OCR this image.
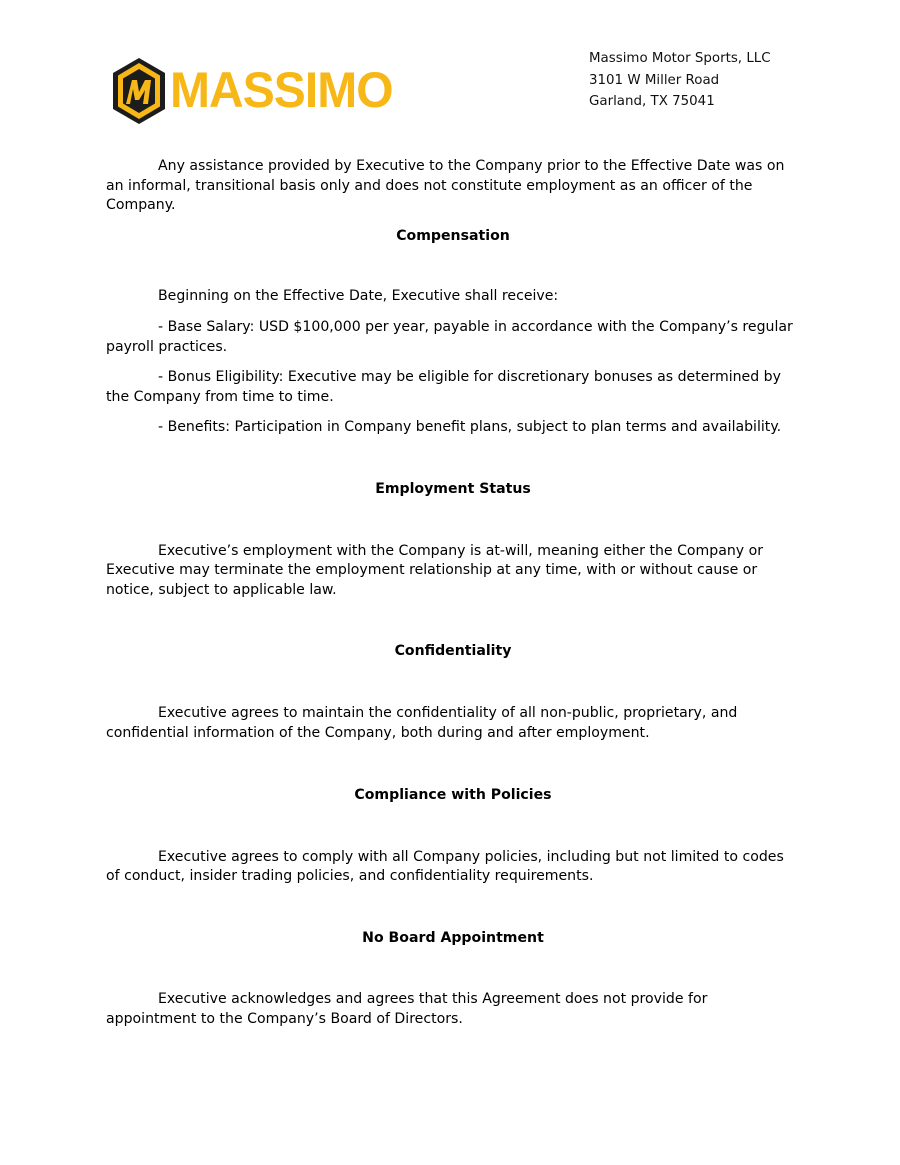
MASSIMO
Massimo Motor Sports, LLC
3101 W Miller Road
Garland, TX 75041

Any assistance provided by Executive to the Company prior to the Effective Date was on an informal, transitional basis only and does not constitute employment as an officer of the Company.

Compensation

Beginning on the Effective Date, Executive shall receive:

- Base Salary: USD $100,000 per year, payable in accordance with the Company’s regular payroll practices.

- Bonus Eligibility: Executive may be eligible for discretionary bonuses as determined by the Company from time to time.

- Benefits: Participation in Company benefit plans, subject to plan terms and availability.

Employment Status

Executive’s employment with the Company is at-will, meaning either the Company or Executive may terminate the employment relationship at any time, with or without cause or notice, subject to applicable law.

Confidentiality

Executive agrees to maintain the confidentiality of all non-public, proprietary, and confidential information of the Company, both during and after employment.

Compliance with Policies

Executive agrees to comply with all Company policies, including but not limited to codes of conduct, insider trading policies, and confidentiality requirements.

No Board Appointment

Executive acknowledges and agrees that this Agreement does not provide for appointment to the Company’s Board of Directors.
